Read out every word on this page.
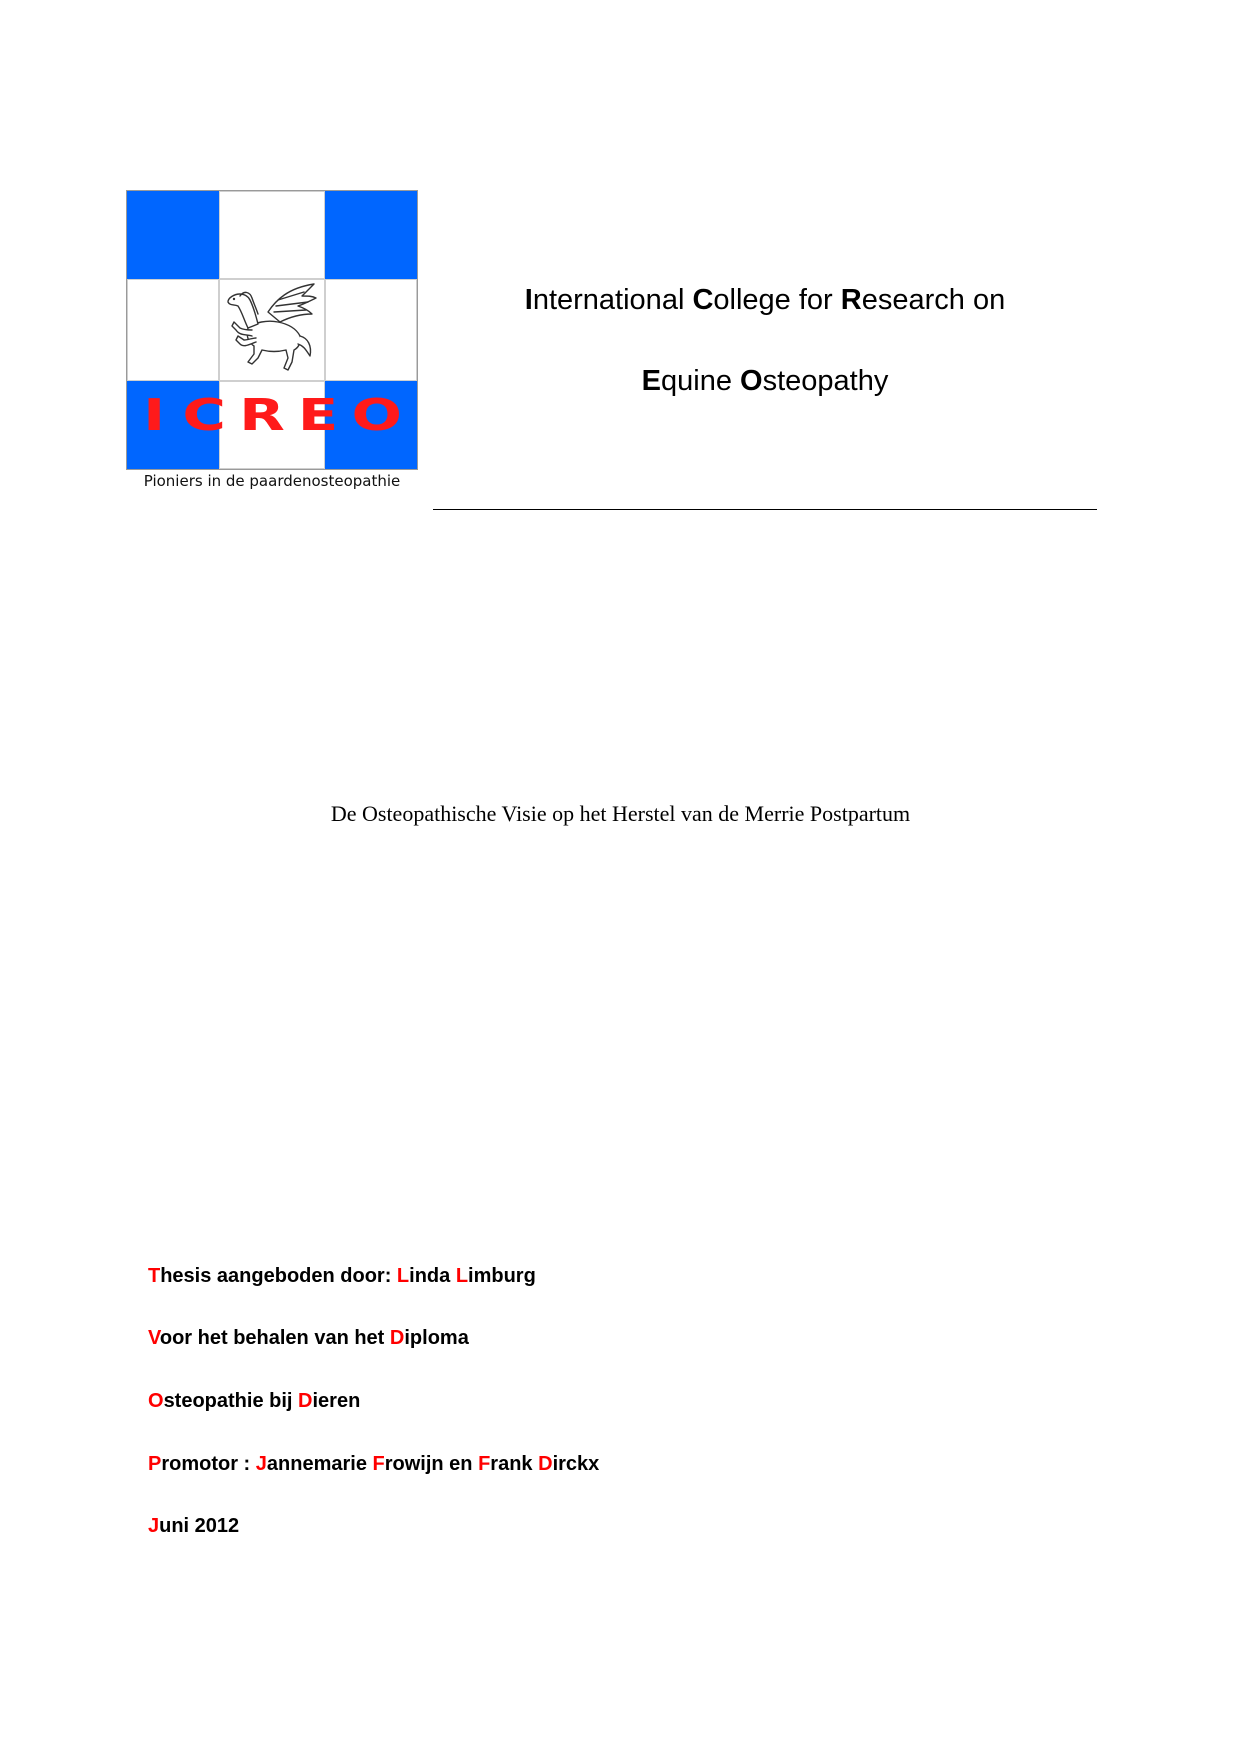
I C R E O
Pioniers in de paardenosteopathie
International College for Research on
Equine Osteopathy
De Osteopathische Visie op het Herstel van de Merrie Postpartum
Thesis aangeboden door: Linda Limburg
Voor het behalen van het Diploma
Osteopathie bij Dieren
Promotor : Jannemarie Frowijn en Frank Dirckx
Juni 2012
